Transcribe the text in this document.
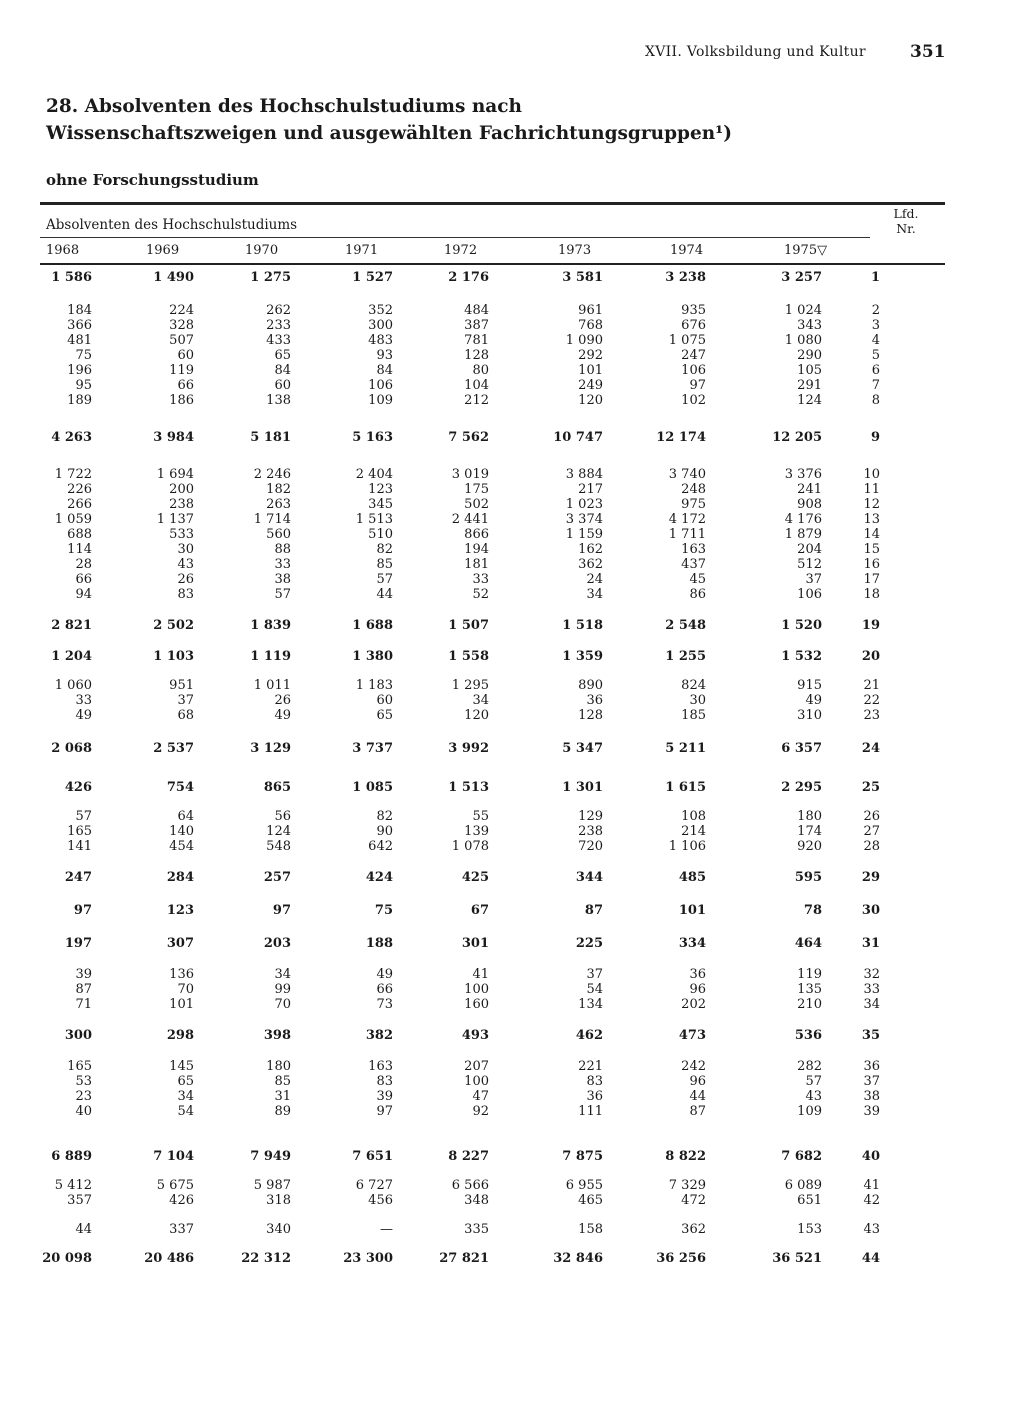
XVII. Volksbildung und Kultur	351
28. Absolventen des Hochschulstudiums nach Wissenschaftszweigen und ausgewählten Fachrichtungsgruppen¹)
ohne Forschungsstudium
Absolventen des Hochschulstudiums
Lfd. Nr.
1968	1969	1970	1971	1972	1973	1974	1975▽
1 586	1 490	1 275	1 527	2 176	3 581	3 238	3 257	1

184	224	262	352	484	961	935	1 024	2
366	328	233	300	387	768	676	343	3
481	507	433	483	781	1 090	1 075	1 080	4
75	60	65	93	128	292	247	290	5
196	119	84	84	80	101	106	105	6
95	66	60	106	104	249	97	291	7
189	186	138	109	212	120	102	124	8

4 263	3 984	5 181	5 163	7 562	10 747	12 174	12 205	9

1 722	1 694	2 246	2 404	3 019	3 884	3 740	3 376	10
226	200	182	123	175	217	248	241	11
266	238	263	345	502	1 023	975	908	12
1 059	1 137	1 714	1 513	2 441	3 374	4 172	4 176	13
688	533	560	510	866	1 159	1 711	1 879	14
114	30	88	82	194	162	163	204	15
28	43	33	85	181	362	437	512	16
66	26	38	57	33	24	45	37	17
94	83	57	44	52	34	86	106	18

2 821	2 502	1 839	1 688	1 507	1 518	2 548	1 520	19

1 204	1 103	1 119	1 380	1 558	1 359	1 255	1 532	20

1 060	951	1 011	1 183	1 295	890	824	915	21
33	37	26	60	34	36	30	49	22
49	68	49	65	120	128	185	310	23

2 068	2 537	3 129	3 737	3 992	5 347	5 211	6 357	24

426	754	865	1 085	1 513	1 301	1 615	2 295	25

57	64	56	82	55	129	108	180	26
165	140	124	90	139	238	214	174	27
141	454	548	642	1 078	720	1 106	920	28

247	284	257	424	425	344	485	595	29

97	123	97	75	67	87	101	78	30

197	307	203	188	301	225	334	464	31

39	136	34	49	41	37	36	119	32
87	70	99	66	100	54	96	135	33
71	101	70	73	160	134	202	210	34

300	298	398	382	493	462	473	536	35

165	145	180	163	207	221	242	282	36
53	65	85	83	100	83	96	57	37
23	34	31	39	47	36	44	43	38
40	54	89	97	92	111	87	109	39

6 889	7 104	7 949	7 651	8 227	7 875	8 822	7 682	40

5 412	5 675	5 987	6 727	6 566	6 955	7 329	6 089	41
357	426	318	456	348	465	472	651	42

44	337	340	—	335	158	362	153	43

20 098	20 486	22 312	23 300	27 821	32 846	36 256	36 521	44
